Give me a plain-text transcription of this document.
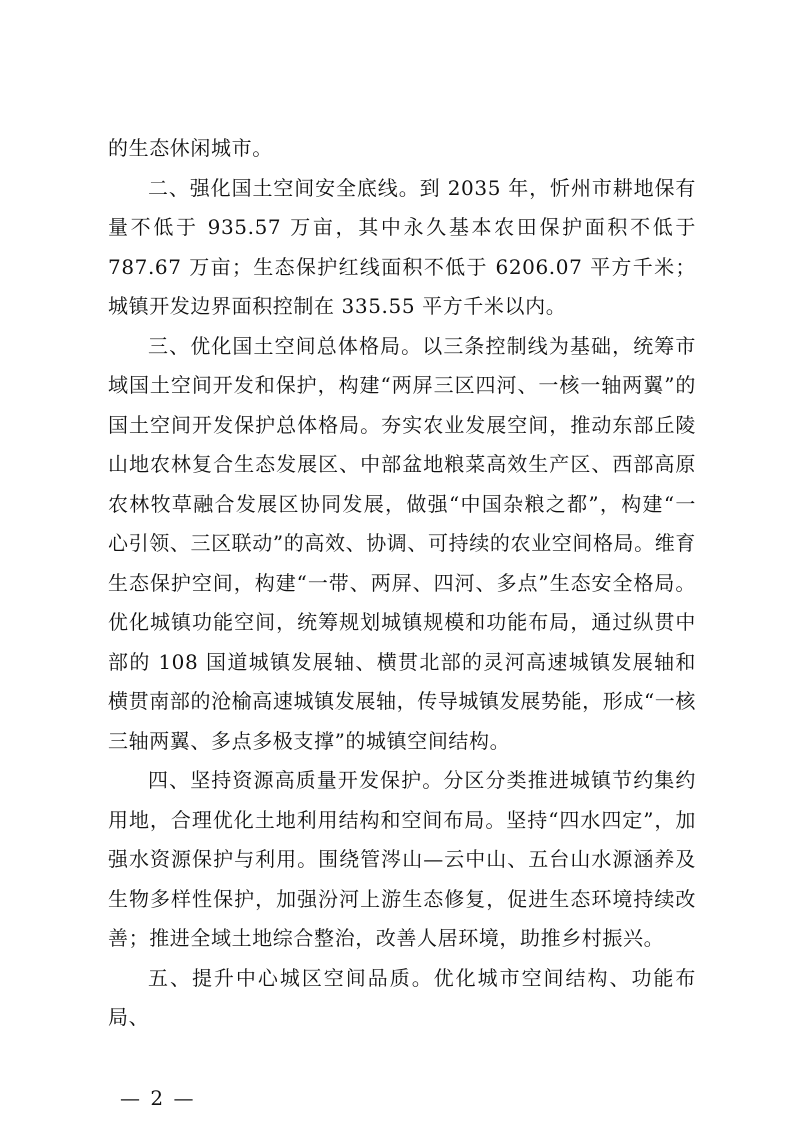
的生态休闲城市。

二、强化国土空间安全底线。到 2035 年，忻州市耕地保有量不低于 935.57 万亩，其中永久基本农田保护面积不低于 787.67 万亩；生态保护红线面积不低于 6206.07 平方千米；城镇开发边界面积控制在 335.55 平方千米以内。

三、优化国土空间总体格局。以三条控制线为基础，统筹市域国土空间开发和保护，构建“两屏三区四河、一核一轴两翼”的国土空间开发保护总体格局。夯实农业发展空间，推动东部丘陵山地农林复合生态发展区、中部盆地粮菜高效生产区、西部高原农林牧草融合发展区协同发展，做强“中国杂粮之都”，构建“一心引领、三区联动”的高效、协调、可持续的农业空间格局。维育生态保护空间，构建“一带、两屏、四河、多点”生态安全格局。优化城镇功能空间，统筹规划城镇规模和功能布局，通过纵贯中部的 108 国道城镇发展轴、横贯北部的灵河高速城镇发展轴和横贯南部的沧榆高速城镇发展轴，传导城镇发展势能，形成“一核三轴两翼、多点多极支撑”的城镇空间结构。

四、坚持资源高质量开发保护。分区分类推进城镇节约集约用地，合理优化土地利用结构和空间布局。坚持“四水四定”，加强水资源保护与利用。围绕管涔山—云中山、五台山水源涵养及生物多样性保护，加强汾河上游生态修复，促进生态环境持续改善；推进全域土地综合整治，改善人居环境，助推乡村振兴。

五、提升中心城区空间品质。优化城市空间结构、功能布局、

— 2 —
